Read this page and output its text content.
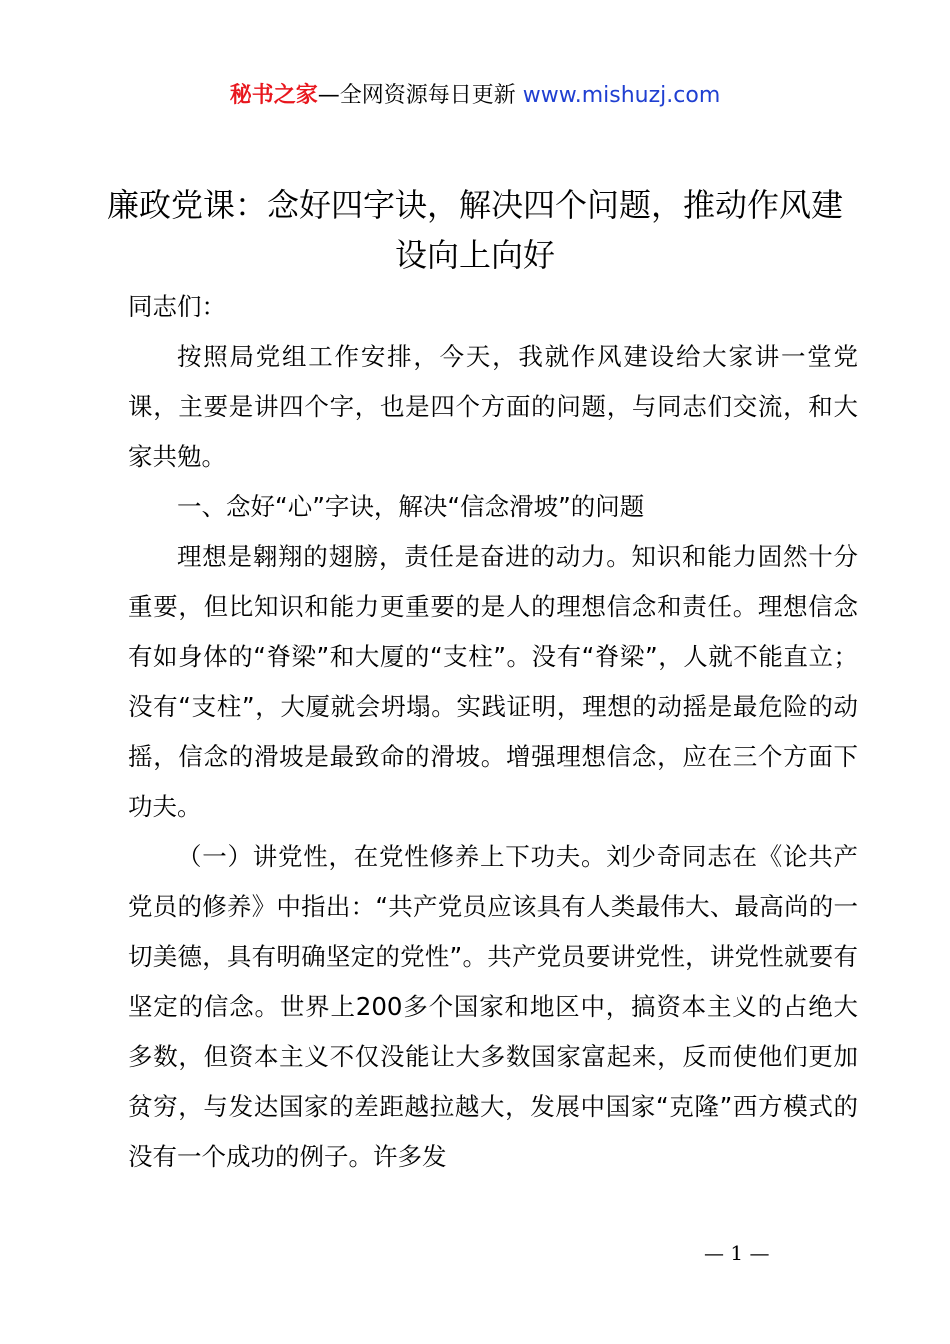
秘书之家—全网资源每日更新 www.mishuzj.com
廉政党课：念好四字诀，解决四个问题，推动作风建设向上向好

同志们：

按照局党组工作安排，今天，我就作风建设给大家讲一堂党课，主要是讲四个字，也是四个方面的问题，与同志们交流，和大家共勉。

一、念好“心”字诀，解决“信念滑坡”的问题

理想是翱翔的翅膀，责任是奋进的动力。知识和能力固然十分重要，但比知识和能力更重要的是人的理想信念和责任。理想信念有如身体的“脊梁”和大厦的“支柱”。没有“脊梁”，人就不能直立；没有“支柱”，大厦就会坍塌。实践证明，理想的动摇是最危险的动摇，信念的滑坡是最致命的滑坡。增强理想信念，应在三个方面下功夫。

（一）讲党性，在党性修养上下功夫。刘少奇同志在《论共产党员的修养》中指出：“共产党员应该具有人类最伟大、最高尚的一切美德，具有明确坚定的党性”。共产党员要讲党性，讲党性就要有坚定的信念。世界上200多个国家和地区中，搞资本主义的占绝大多数，但资本主义不仅没能让大多数国家富起来，反而使他们更加贫穷，与发达国家的差距越拉越大，发展中国家“克隆”西方模式的没有一个成功的例子。许多发

— 1 —
